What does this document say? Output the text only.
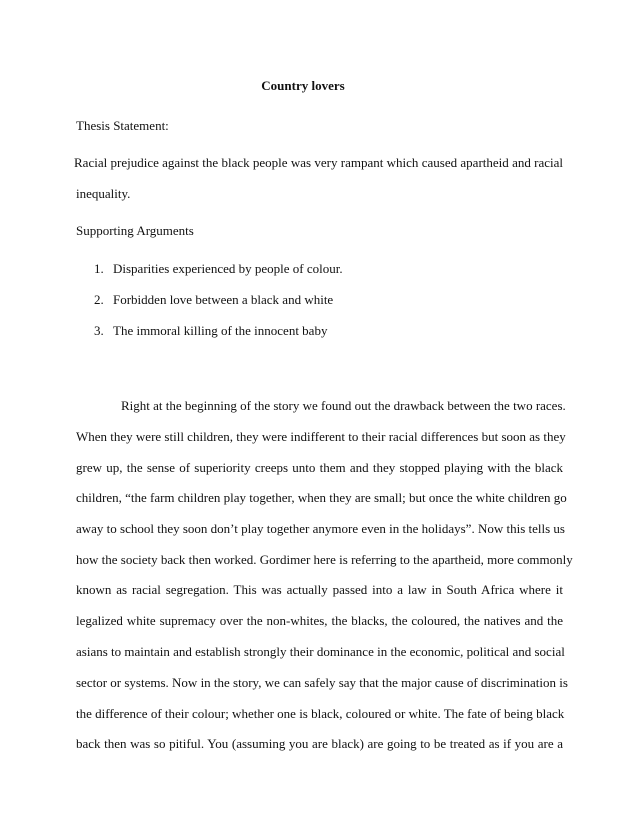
Country lovers
Thesis Statement:
Racial prejudice against the black people was very rampant which caused apartheid and racial
inequality.
Supporting Arguments
1. Disparities experienced by people of colour.
2. Forbidden love between a black and white
3. The immoral killing of the innocent baby
Right at the beginning of the story we found out the drawback between the two races.
When they were still children, they were indifferent to their racial differences but soon as they
grew up, the sense of superiority creeps unto them and they stopped playing with the black
children, “the farm children play together, when they are small; but once the white children go
away to school they soon don’t play together anymore even in the holidays”. Now this tells us
how the society back then worked. Gordimer here is referring to the apartheid, more commonly
known as racial segregation. This was actually passed into a law in South Africa where it
legalized white supremacy over the non-whites, the blacks, the coloured, the natives and the
asians to maintain and establish strongly their dominance in the economic, political and social
sector or systems. Now in the story, we can safely say that the major cause of discrimination is
the difference of their colour; whether one is black, coloured or white. The fate of being black
back then was so pitiful. You (assuming you are black) are going to be treated as if you are a
